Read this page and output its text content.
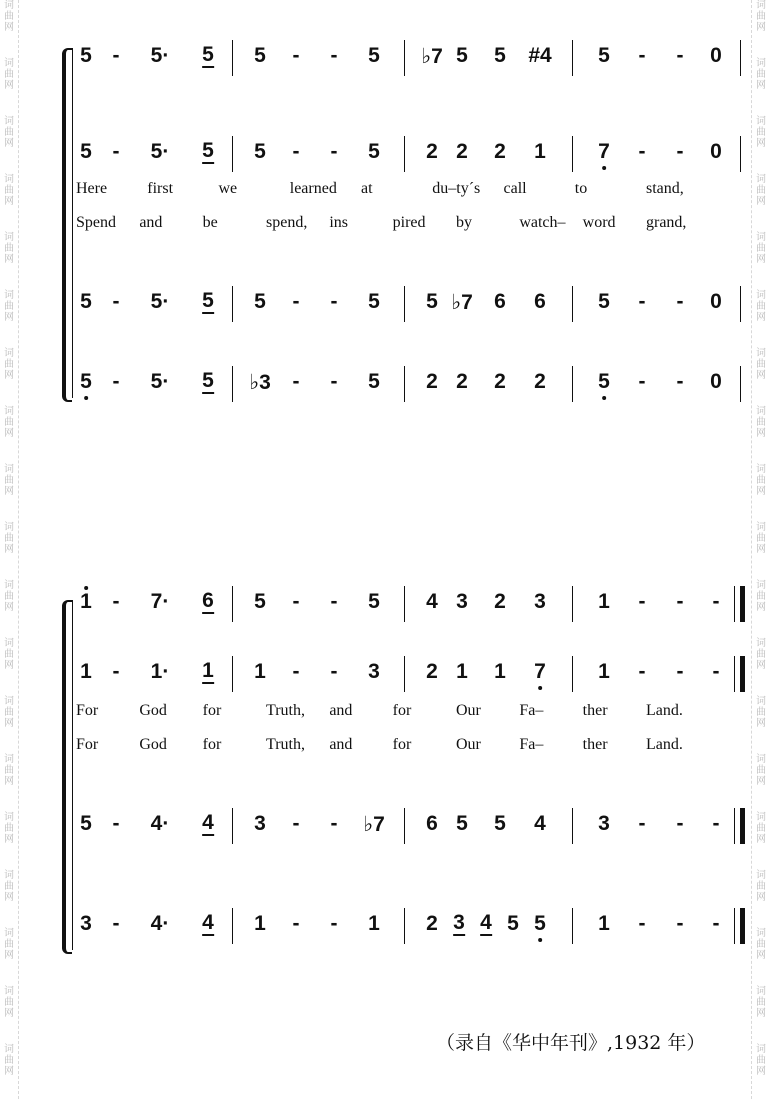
词
曲
网
词
曲
网
词
曲
网
词
曲
网
词
曲
网
词
曲
网
词
曲
网
词
曲
网
词
曲
网
词
曲
网
词
曲
网
词
曲
网
词
曲
网
词
曲
网
词
曲
网
词
曲
网
词
曲
网
词
曲
网
词
曲
网
词
曲
网
词
曲
网
词
曲
网
词
曲
网
词
曲
网
词
曲
网
词
曲
网
词
曲
网
词
曲
网
词
曲
网
词
曲
网
词
曲
网
词
曲
网
词
曲
网
词
曲
网
词
曲
网
词
曲
网
词
曲
网
词
曲
网
5 - 5· 5 5 - - 5 ♭7 5 5 #4 5 - - 0
5 - 5· 5 5 - - 5 2 2 2 1 7 - - 0
Here	first	we	learned at	du–ty´s call	to	stand,
Spend and	be	spend, ins	pired by	watch– word grand,
5 - 5· 5 5 - - 5 5 ♭7 6 6 5 - - 0
5 - 5· 5 ♭3 - - 5 2 2 2 2 5 - - 0
1 - 7· 6 5 - - 5 4 3 2 3 1 - - -
1 - 1· 1 1 - - 3 2 1 1 7 1 - - -
For	God for	Truth, and	for	Our Fa– ther Land.
For	God for	Truth, and	for	Our Fa– ther Land.
5 - 4· 4 3 - - ♭7 6 5 5 4 3 - - -
3 - 4· 4 1 - - 1 2 3 4 5 5 1 - - -
（录自《华中年刊》,1932 年）
